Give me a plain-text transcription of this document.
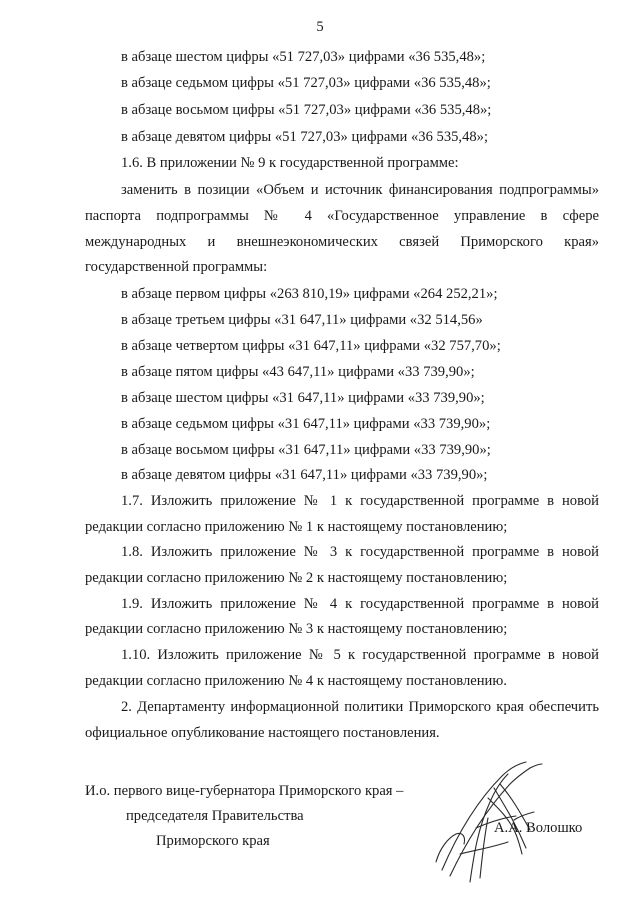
5
в абзаце шестом цифры «51 727,03» цифрами «36 535,48»;
в абзаце седьмом цифры «51 727,03» цифрами «36 535,48»;
в абзаце восьмом цифры «51 727,03» цифрами «36 535,48»;
в абзаце девятом цифры «51 727,03» цифрами «36 535,48»;
1.6. В приложении № 9 к государственной программе:
заменить в позиции «Объем и источник финансирования подпрограммы»
паспорта подпрограммы № 4 «Государственное управление в сфере
международных и внешнеэкономических связей Приморского края»
государственной программы:
в абзаце первом цифры «263 810,19» цифрами «264 252,21»;
в абзаце третьем цифры «31 647,11» цифрами «32 514,56»
в абзаце четвертом цифры «31 647,11» цифрами «32 757,70»;
в абзаце пятом цифры «43 647,11» цифрами «33 739,90»;
в абзаце шестом цифры «31 647,11» цифрами «33 739,90»;
в абзаце седьмом цифры «31 647,11» цифрами «33 739,90»;
в абзаце восьмом цифры «31 647,11» цифрами «33 739,90»;
в абзаце девятом цифры «31 647,11» цифрами «33 739,90»;
1.7. Изложить приложение № 1 к государственной программе в новой
редакции согласно приложению № 1 к настоящему постановлению;
1.8. Изложить приложение № 3 к государственной программе в новой
редакции согласно приложению № 2 к настоящему постановлению;
1.9. Изложить приложение № 4 к государственной программе в новой
редакции согласно приложению № 3 к настоящему постановлению;
1.10. Изложить приложение № 5 к государственной программе в новой
редакции согласно приложению № 4 к настоящему постановлению.
2. Департаменту информационной политики Приморского края обеспечить
официальное опубликование настоящего постановления.
И.о. первого вице-губернатора Приморского края –
председателя Правительства
Приморского края
А.А. Волошко
